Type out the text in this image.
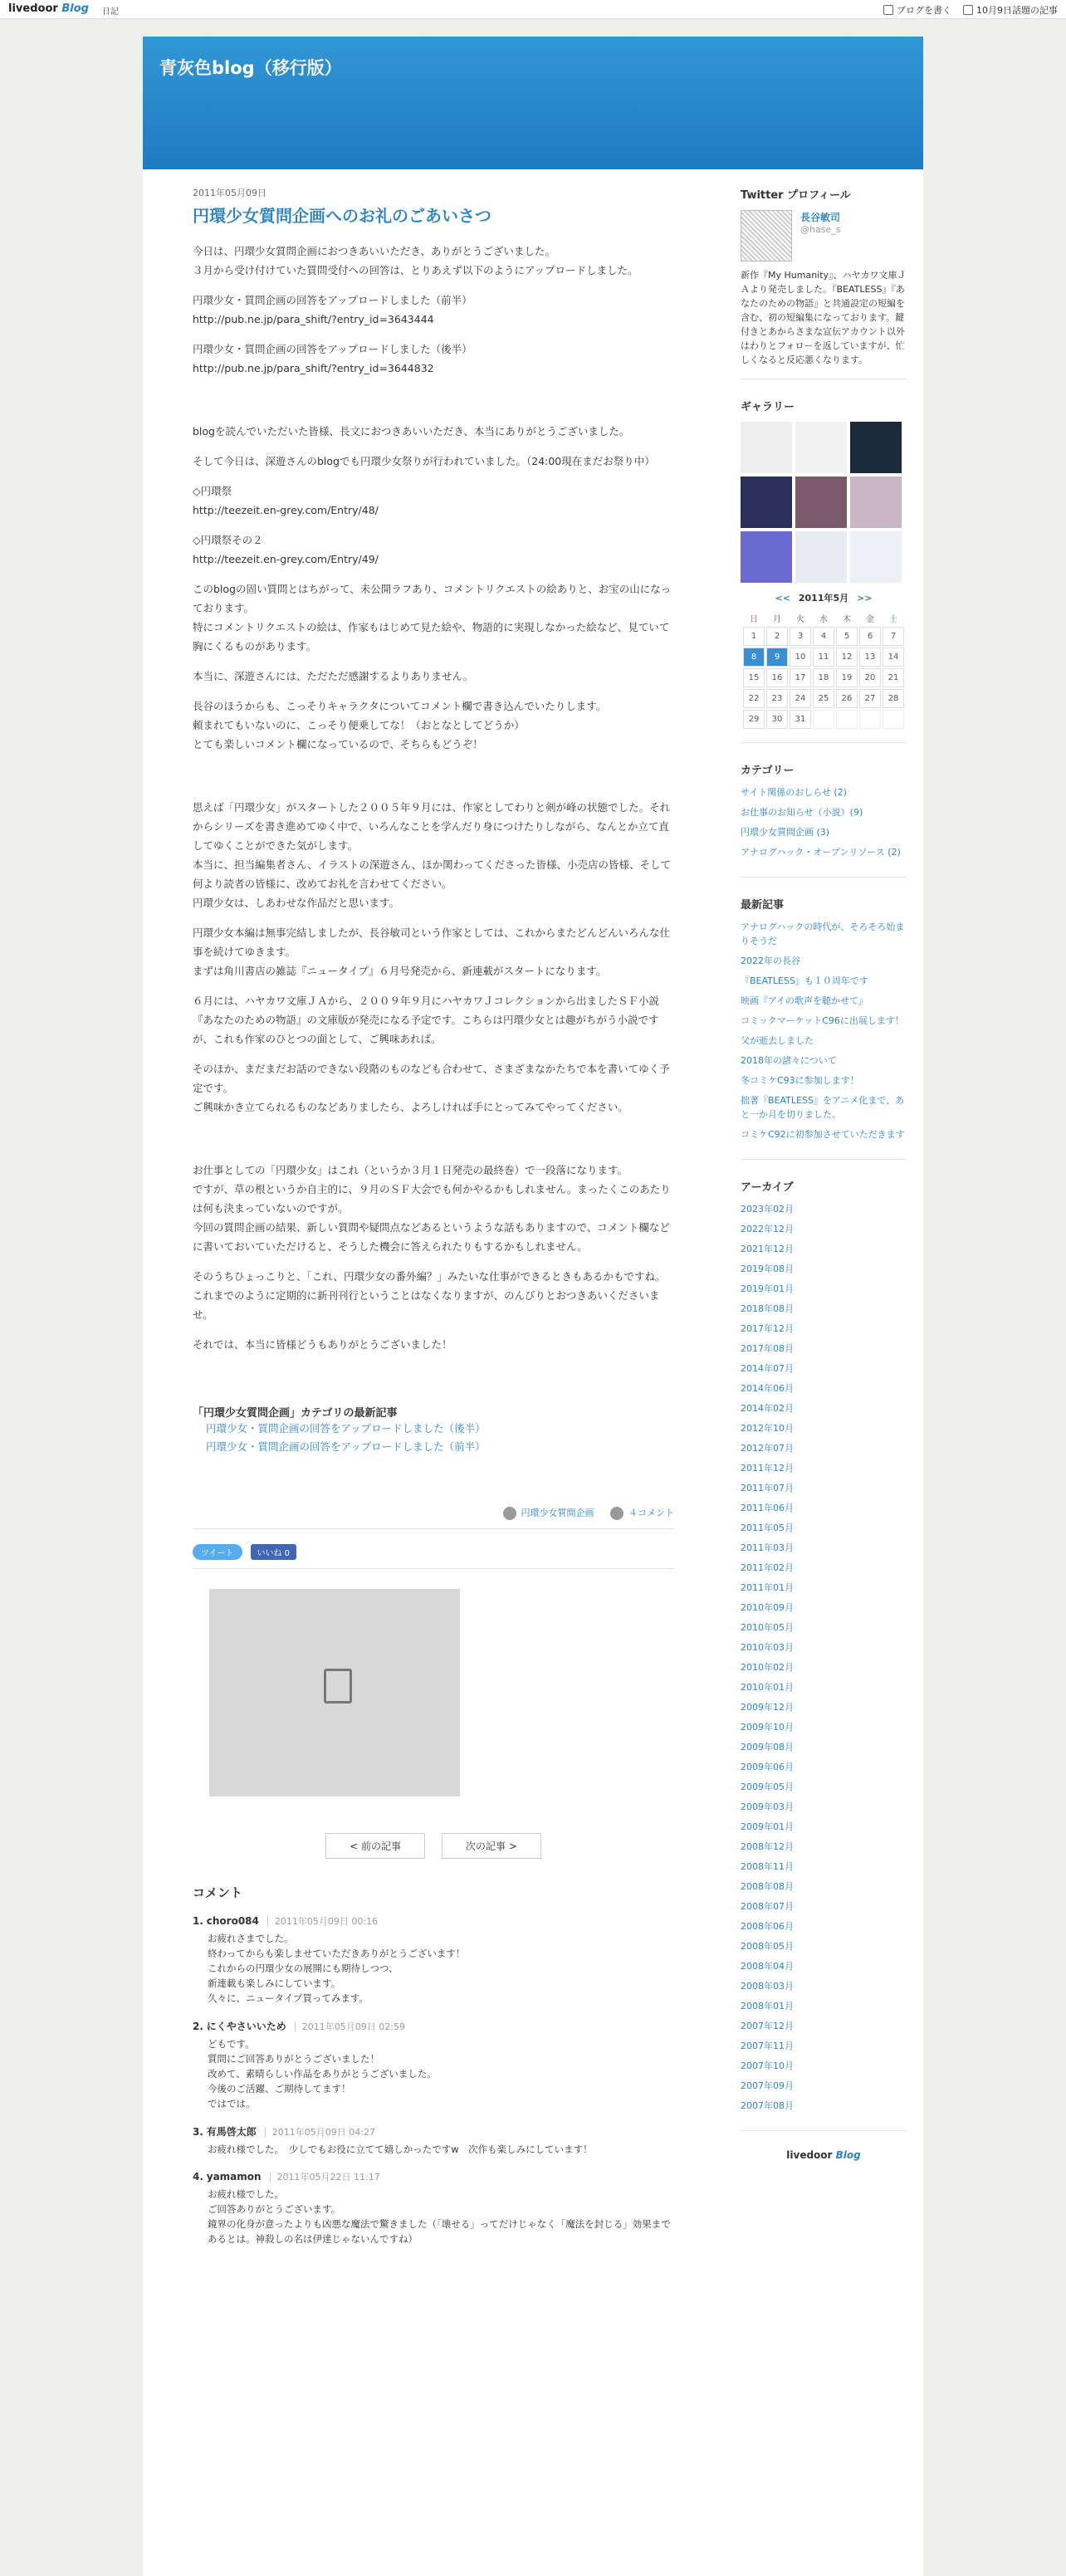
livedoor Blog 日記	ブログを書く	10月9日話題の記事
青灰色blog（移行版）
2011年05月09日
円環少女質問企画へのお礼のごあいさつ

今日は、円環少女質問企画におつきあいいただき、ありがとうございました。
３月から受け付けていた質問受付への回答は、とりあえず以下のようにアップロードしました。

円環少女・質問企画の回答をアップロードしました（前半）
http://pub.ne.jp/para_shift/?entry_id=3643444

円環少女・質問企画の回答をアップロードしました（後半）
http://pub.ne.jp/para_shift/?entry_id=3644832

blogを読んでいただいた皆様、長文におつきあいいただき、本当にありがとうございました。

そして今日は、深遊さんのblogでも円環少女祭りが行われていました。（24:00現在まだお祭り中）

◇円環祭
http://teezeit.en-grey.com/Entry/48/

◇円環祭その２
http://teezeit.en-grey.com/Entry/49/

このblogの固い質問とはちがって、未公開ラフあり、コメントリクエストの絵ありと、お宝の山になっております。
特にコメントリクエストの絵は、作家もはじめて見た絵や、物語的に実現しなかった絵など、見ていて胸にくるものがあります。

本当に、深遊さんには、ただただ感謝するよりありません。

長谷のほうからも、こっそりキャラクタについてコメント欄で書き込んでいたりします。
頼まれてもいないのに、こっそり便乗してな！（おとなとしてどうか）
とても楽しいコメント欄になっているので、そちらもどうぞ！

思えば「円環少女」がスタートした２００５年９月には、作家としてわりと剣が峰の状態でした。それからシリーズを書き進めてゆく中で、いろんなことを学んだり身につけたりしながら、なんとか立て直してゆくことができた気がします。
本当に、担当編集者さん、イラストの深遊さん、ほか関わってくださった皆様、小売店の皆様、そして何より読者の皆様に、改めてお礼を言わせてください。
円環少女は、しあわせな作品だと思います。

円環少女本編は無事完結しましたが、長谷敏司という作家としては、これからまたどんどんいろんな仕事を続けてゆきます。
まずは角川書店の雑誌『ニュータイプ』６月号発売から、新連載がスタートになります。

６月には、ハヤカワ文庫ＪＡから、２００９年９月にハヤカワＪコレクションから出ましたＳＦ小説『あなたのための物語』の文庫版が発売になる予定です。こちらは円環少女とは趣がちがう小説ですが、これも作家のひとつの面として、ご興味あれば。

そのほか、まだまだお話のできない段階のものなども合わせて、さまざまなかたちで本を書いてゆく予定です。
ご興味かき立てられるものなどありましたら、よろしければ手にとってみてやってください。

お仕事としての「円環少女」はこれ（というか３月１日発売の最終巻）で一段落になります。
ですが、草の根というか自主的に、９月のＳＦ大会でも何かやるかもしれません。まったくこのあたりは何も決まっていないのですが。
今回の質問企画の結果、新しい質問や疑問点などあるというような話もありますので、コメント欄などに書いておいていただけると、そうした機会に答えられたりもするかもしれません。

そのうちひょっこりと、「これ、円環少女の番外編？」みたいな仕事ができるときもあるかもですね。
これまでのように定期的に新刊刊行ということはなくなりますが、のんびりとおつきあいくださいませ。

それでは、本当に皆様どうもありがとうございました！

「円環少女質問企画」カテゴリの最新記事
円環少女・質問企画の回答をアップロードしました（後半）
円環少女・質問企画の回答をアップロードしました（前半）
円環少女質問企画	４コメント
ツイート	いいね 0
< 前の記事	次の記事 >
コメント
1. choro084 2011年05月09日 00:16
お疲れさまでした。
終わってからも楽しませていただきありがとうございます！
これからの円環少女の展開にも期待しつつ、
新連載も楽しみにしています。
久々に、ニュータイプ買ってみます。
2. にくやさいいため 2011年05月09日 02:59
どもです。
質問にご回答ありがとうございました！
改めて、素晴らしい作品をありがとうございました。
今後のご活躍、ご期待してます！
ではでは。
3. 有馬啓太郎 2011年05月09日 04:27
お疲れ様でした。　少しでもお役に立てて嬉しかったですw　次作も楽しみにしています！
4. yamamon 2011年05月22日 11:17
お疲れ様でした。
ご回答ありがとうございます。
鏡界の化身が意ったよりも凶悪な魔法で驚きました（「壊せる」ってだけじゃなく「魔法を封じる」効果まであるとは。神殺しの名は伊達じゃないんですね）
Twitter プロフィール
長谷敏司
@hase_s
新作『My Humanity』、ハヤカワ文庫ＪＡより発売しました。『BEATLESS』『あなたのための物語』と共通設定の短編を含む、初の短編集になっております。鍵付きとあからさまな宣伝アカウント以外はわりとフォローを返していますが、忙しくなると反応悪くなります。
ギャラリー
<< 2011年5月 >>
日	月	火	水	木	金	土
1	2	3	4	5	6	7
8	9	10	11	12	13	14
15	16	17	18	19	20	21
22	23	24	25	26	27	28
29	30	31				
カテゴリー
サイト関係のおしらせ (2)
お仕事のお知らせ（小説）(9)
円環少女質問企画 (3)
アナログハック・オープンリソース (2)
最新記事
アナログハックの時代が、そろそろ始まりそうだ
2022年の長谷
『BEATLESS』も１０周年です
映画『アイの歌声を聴かせて』
コミックマーケットC96に出展します！
父が逝去しました
2018年の諸々について
冬コミケC93に参加します！
拙著『BEATLESS』をアニメ化まで、あと一か月を切りました。
コミケC92に初参加させていただきます
アーカイブ
2023年02月
2022年12月
2021年12月
2019年08月
2019年01月
2018年08月
2017年12月
2017年08月
2014年07月
2014年06月
2014年02月
2012年10月
2012年07月
2011年12月
2011年07月
2011年06月
2011年05月
2011年03月
2011年02月
2011年01月
2010年09月
2010年05月
2010年03月
2010年02月
2010年01月
2009年12月
2009年10月
2009年08月
2009年06月
2009年05月
2009年03月
2009年01月
2008年12月
2008年11月
2008年08月
2008年07月
2008年06月
2008年05月
2008年04月
2008年03月
2008年01月
2007年12月
2007年11月
2007年10月
2007年09月
2007年08月
livedoor Blog
